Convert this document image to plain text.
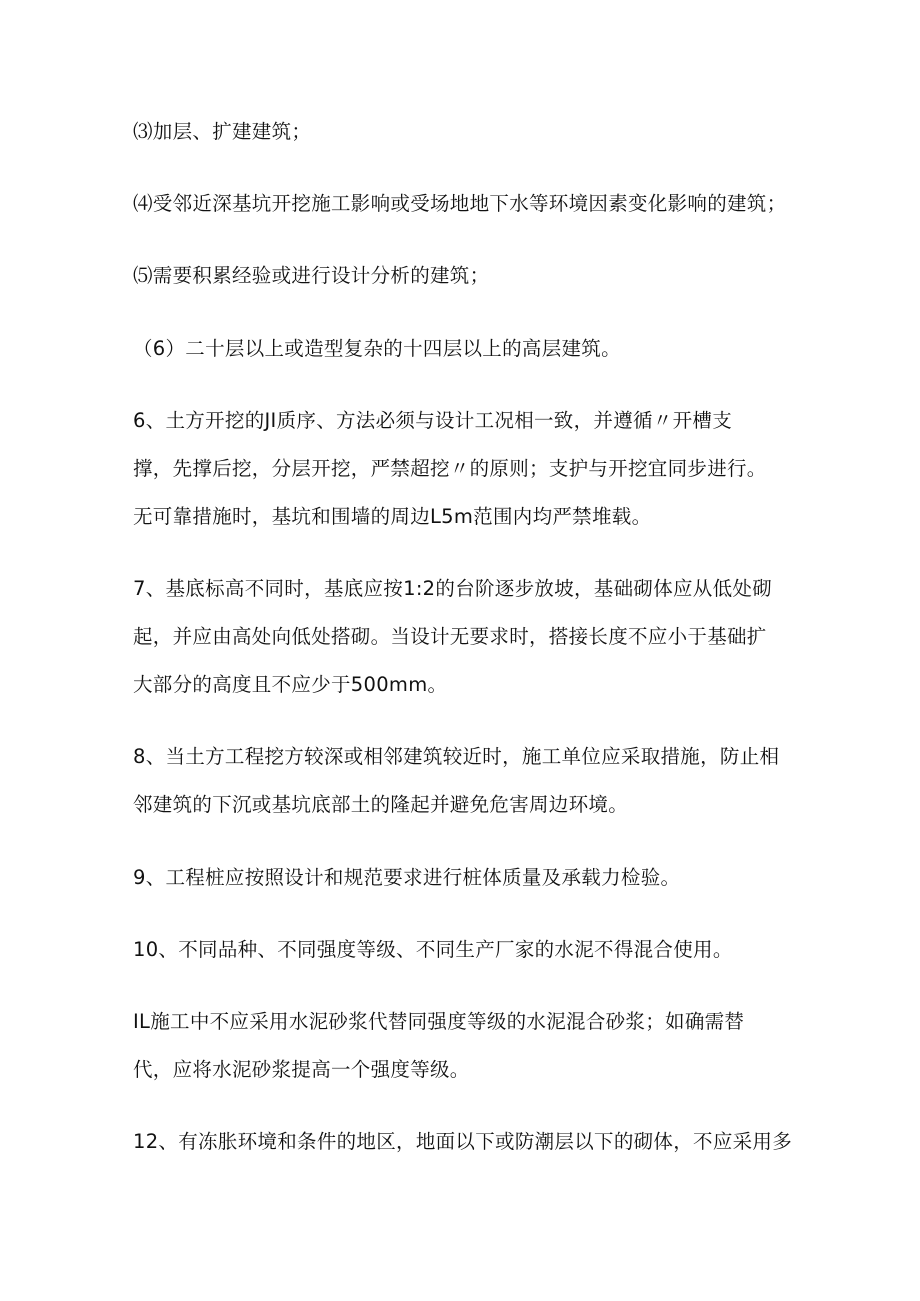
⑶加层、扩建建筑；

⑷受邻近深基坑开挖施工影响或受场地地下水等环境因素变化影响的建筑；

⑸需要积累经验或进行设计分析的建筑；

（6）二十层以上或造型复杂的十四层以上的高层建筑。

6、土方开挖的JI质序、方法必须与设计工况相一致，并遵循〃开槽支

撑，先撑后挖，分层开挖，严禁超挖〃的原则；支护与开挖宜同步进行。

无可靠措施时，基坑和围墙的周边L5m范围内均严禁堆载。

7、基底标高不同时，基底应按1:2的台阶逐步放坡，基础砌体应从低处砌

起，并应由高处向低处搭砌。当设计无要求时，搭接长度不应小于基础扩

大部分的高度且不应少于500mm。

8、当土方工程挖方较深或相邻建筑较近时，施工单位应采取措施，防止相

邻建筑的下沉或基坑底部土的隆起并避免危害周边环境。

9、工程桩应按照设计和规范要求进行桩体质量及承载力检验。

10、不同品种、不同强度等级、不同生产厂家的水泥不得混合使用。

IL施工中不应采用水泥砂浆代替同强度等级的水泥混合砂浆；如确需替

代，应将水泥砂浆提高一个强度等级。

12、有冻胀环境和条件的地区，地面以下或防潮层以下的砌体，不应采用多
